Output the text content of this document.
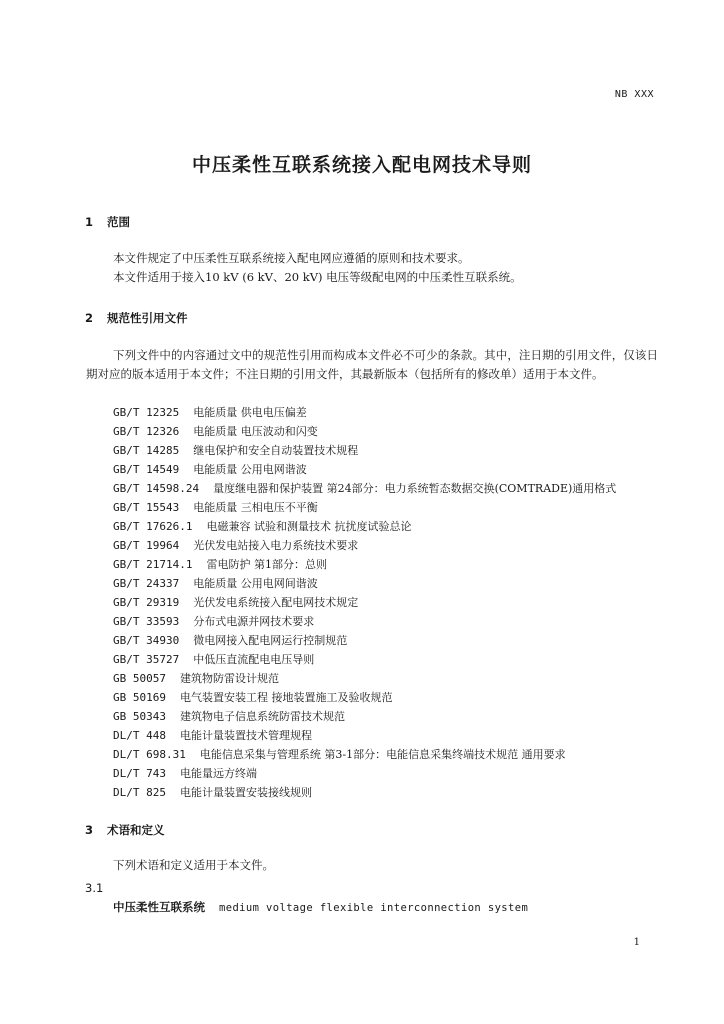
NB XXX
中压柔性互联系统接入配电网技术导则
1 范围

本文件规定了中压柔性互联系统接入配电网应遵循的原则和技术要求。

本文件适用于接入10 kV (6 kV、20 kV) 电压等级配电网的中压柔性互联系统。

2 规范性引用文件

下列文件中的内容通过文中的规范性引用而构成本文件必不可少的条款。其中，注日期的引用文件，仅该日期对应的版本适用于本文件；不注日期的引用文件，其最新版本（包括所有的修改单）适用于本文件。

GB/T 12325 电能质量 供电电压偏差
GB/T 12326 电能质量 电压波动和闪变
GB/T 14285 继电保护和安全自动装置技术规程
GB/T 14549 电能质量 公用电网谐波
GB/T 14598.24 量度继电器和保护装置 第24部分：电力系统暂态数据交换(COMTRADE)通用格式
GB/T 15543 电能质量 三相电压不平衡
GB/T 17626.1 电磁兼容 试验和测量技术 抗扰度试验总论
GB/T 19964 光伏发电站接入电力系统技术要求
GB/T 21714.1 雷电防护 第1部分：总则
GB/T 24337 电能质量 公用电网间谐波
GB/T 29319 光伏发电系统接入配电网技术规定
GB/T 33593 分布式电源并网技术要求
GB/T 34930 微电网接入配电网运行控制规范
GB/T 35727 中低压直流配电电压导则
GB 50057 建筑物防雷设计规范
GB 50169 电气装置安装工程 接地装置施工及验收规范
GB 50343 建筑物电子信息系统防雷技术规范
DL/T 448 电能计量装置技术管理规程
DL/T 698.31 电能信息采集与管理系统 第3-1部分：电能信息采集终端技术规范 通用要求
DL/T 743 电能量远方终端
DL/T 825 电能计量装置安装接线规则
3 术语和定义

下列术语和定义适用于本文件。

3.1
中压柔性互联系统 medium voltage flexible interconnection system
1
